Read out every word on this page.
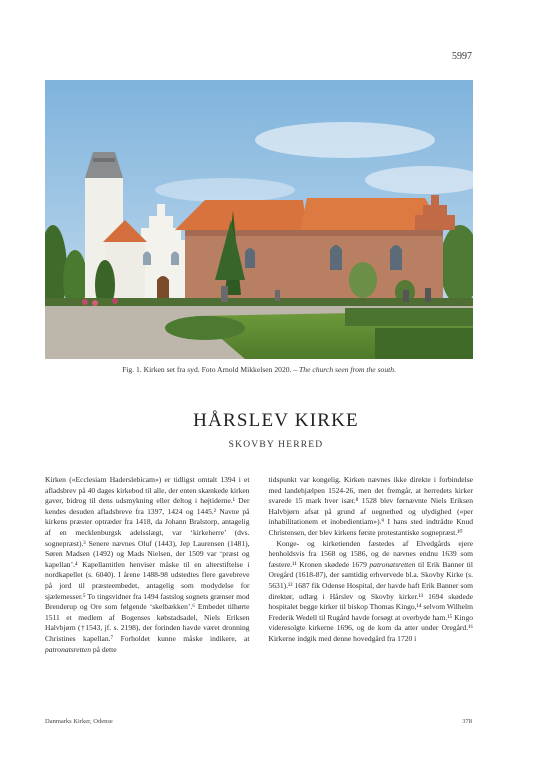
5997
Fig. 1. Kirken set fra syd. Foto Arnold Mikkelsen 2020. – The church seen from the south.
HÅRSLEV KIRKE
SKOVBY HERRED

Kirken («Ecclesiam Haderslebicam») er tidligst omtalt 1394 i et afladsbrev på 40 dages kirkebod til alle, der enten skænkede kirken gaver, bidrog til dens udsmykning eller deltog i højtiderne.¹ Der kendes desuden afladsbreve fra 1397, 1424 og 1445.² Navne på kirkens præster optræder fra 1418, da Johann Bralstorp, antagelig af en mecklenburgsk adelsslægt, var ‘kirkeherre’ (dvs. sognepræst).³ Senere nævnes Oluf (1443), Jep Laurensen (1481), Søren Madsen (1492) og Mads Nielsen, der 1509 var ‘præst og kapellan’.⁴ Kapellantitlen henviser måske til en alterstiftelse i nordkapellet (s. 6040). I årene 1488-98 udstedtes flere gavebreve på jord til præsteembedet, antagelig som modydelse for sjælemesser.⁵ To tingsvidner fra 1494 fastslog sognets grænser mod Brenderup og Ore som følgende ‘skelbækken’.⁶ Embedet tilhørte 1511 et medlem af Bogenses købstadsadel, Niels Eriksen Halvbjørn (†1543, jf. s. 2198), der forinden havde været dronning Christines kapellan.⁷ Forholdet kunne måske indikere, at patronatsretten på dette

tidspunkt var kongelig. Kirken nævnes ikke direkte i forbindelse med landehjælpen 1524-26, men det fremgår, at herredets kirker svarede 15 mark hver især.⁸ 1528 blev førnævnte Niels Eriksen Halvbjørn afsat på grund af uegnethed og ulydighed («per inhabilitationem et inobedientiam»).⁹ I hans sted indtrådte Knud Christensen, der blev kirkens første protestantiske sognepræst.¹⁰

Konge- og kirketienden fæstedes af Elvedgårds ejere henholdsvis fra 1568 og 1586, og de nævnes endnu 1639 som fæstere.¹¹ Kronen skødede 1679 patronatsretten til Erik Banner til Oregård (1618-87), der samtidig erhvervede bl.a. Skovby Kirke (s. 5631).¹² 1687 fik Odense Hospital, der havde haft Erik Banner som direktør, udlæg i Hårslev og Skovby kirker.¹³ 1694 skødede hospitalet begge kirker til biskop Thomas Kingo,¹⁴ selvom Wilhelm Frederik Wedell til Rugård havde forsøgt at overbyde ham.¹⁵ Kingo videresolgte kirkerne 1696, og de kom da atter under Oregård.¹⁶ Kirkerne indgik med denne hovedgård fra 1720 i

Danmarks Kirker, Odense	378
